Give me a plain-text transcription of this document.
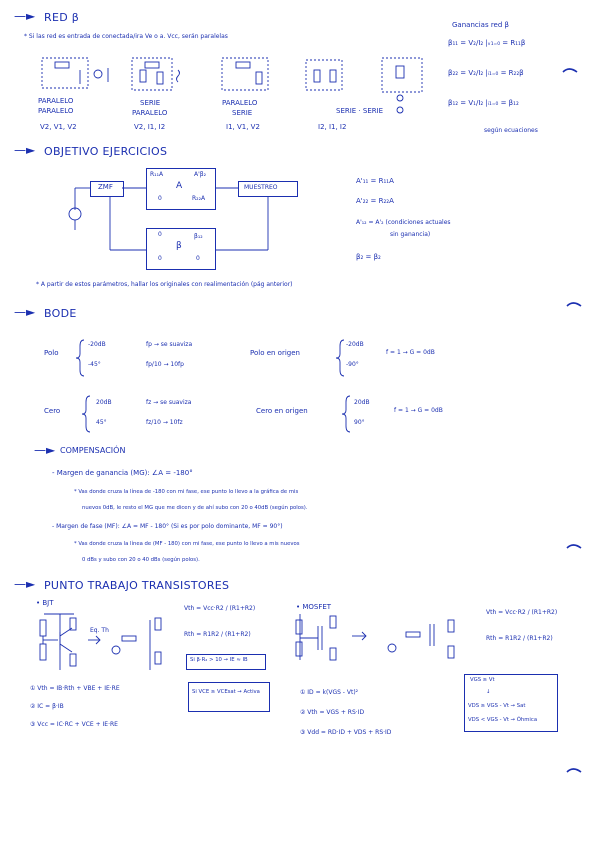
—► RED β
* Si las red es entrada de conectada/ira Ve o a. Vcc, serán paralelas
PARALELO
PARALELO
V2, V1, V2
SERIE
PARALELO
V2, I1, I2
PARALELO
SERIE
I1, V1, V2
SERIE · SERIE
I2, I1, I2
Ganancias red β
β₁₁ = V₂/I₂ |ᵥ₁₌₀ = R₁₁β
β₂₂ = V₂/I₂ |ᵢ₁₌₀ = R₂₂β
β₁₂ = V₁/I₂ |ᵢ₁₌₀ = β₁₂
según ecuaciones
—► OBJETIVO EJERCICIOS
ZMF
R₁₁A	A'β₂
A
0	R₂₂A
MUESTREO
0	β₁₂
β
0	0
A'₁₁ = R₁₁A
A'₂₂ = R₂₂A
A'₁₂ = A'₂ (condiciones actuales
sin ganancia)
β₂ = β₂
* A partir de estos parámetros, hallar los originales con realimentación (pág anterior)
—► BODE
Polo
-20dB
-45°
fp → se suaviza
fp/10 → 10fp
Polo en origen
-20dB
-90°
f = 1 → G = 0dB
Cero
20dB
45°
fz → se suaviza
fz/10 → 10fz
Cero en origen
20dB
90°
f = 1 → G = 0dB
—► COMPENSACIÓN
- Margen de ganancia (MG): ∠A = -180°
* Vas donde cruza la línea de -180 con mi fase, ese punto lo llevo a la gráfica de mis
nuevos 0dB, le resto el MG que me dicen y de ahí subo con 20 o 40dB (según polos).
- Margen de fase (MF): ∠A = MF - 180° (Si es por polo dominante, MF = 90°)
* Vas donde cruza la línea de (MF - 180) con mi fase, ese punto lo llevo a mis nuevos
0 dBs y subo con 20 o 40 dBs (según polos).
—► PUNTO TRABAJO TRANSISTORES
• BJT
Eq. Th
Vth = Vcc·R2 / (R1+R2)
Rth = R1R2 / (R1+R2)
Si β·R₂ > 10 → IE ≈ IB
Si VCE ≥ VCEsat → Activa
① Vth = IB·Rth + VBE + IE·RE
② IC = β·IB
③ Vcc = IC·RC + VCE + IE·RE
• MOSFET
Vth = Vcc·R2 / (R1+R2)
Rth = R1R2 / (R1+R2)
VGS ≥ Vt
↓
VDS ≥ VGS - Vt → Sat
VDS < VGS - Vt → Óhmica
① ID = k(VGS - Vt)²
② Vth = VGS + RS·ID
③ Vdd = RD·ID + VDS + RS·ID
